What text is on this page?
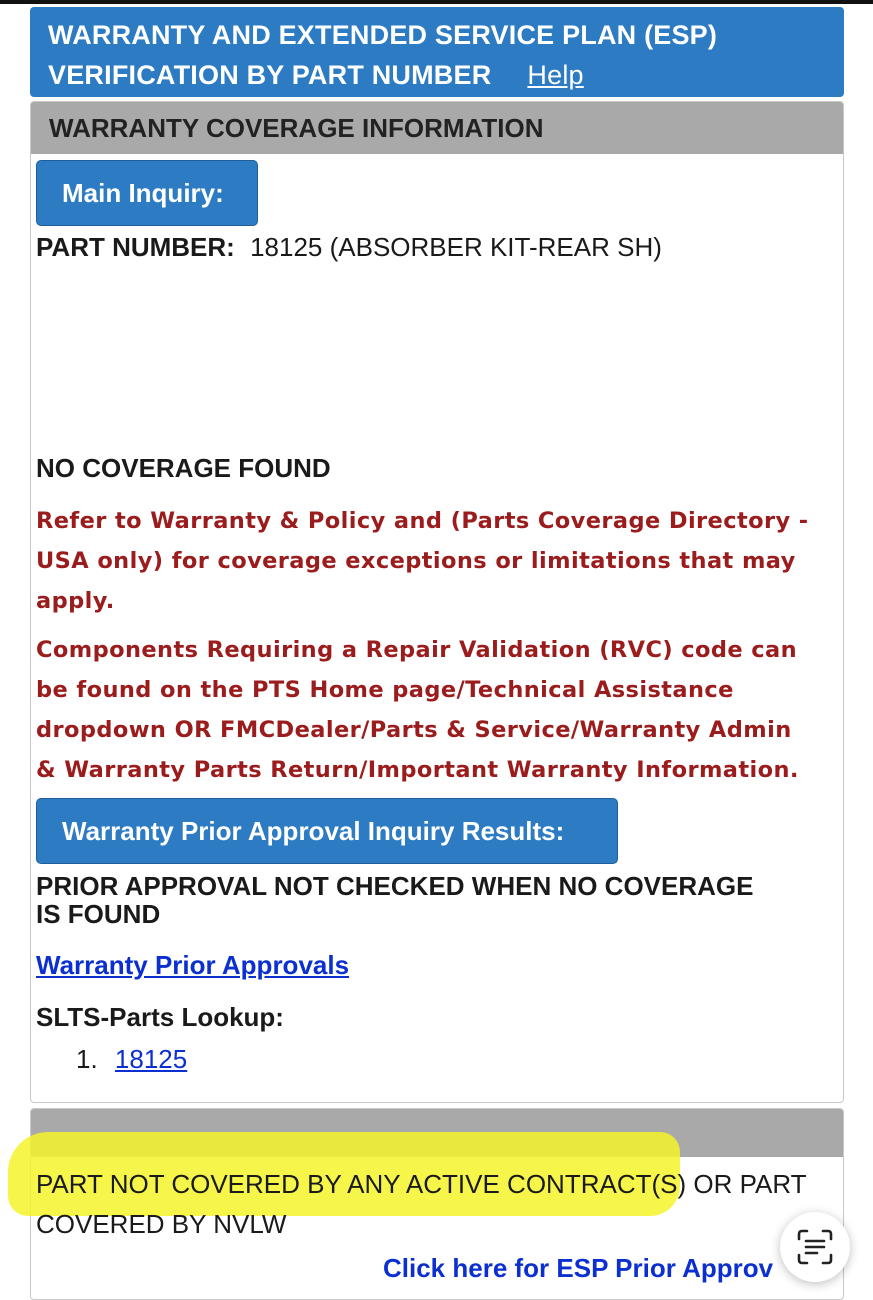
WARRANTY AND EXTENDED SERVICE PLAN (ESP)
VERIFICATION BY PART NUMBER Help
WARRANTY COVERAGE INFORMATION
Main Inquiry:
PART NUMBER: 18125 (ABSORBER KIT-REAR SH)
NO COVERAGE FOUND
Refer to Warranty & Policy and (Parts Coverage Directory -
USA only) for coverage exceptions or limitations that may
apply.
Components Requiring a Repair Validation (RVC) code can
be found on the PTS Home page/Technical Assistance
dropdown OR FMCDealer/Parts & Service/Warranty Admin
& Warranty Parts Return/Important Warranty Information.
Warranty Prior Approval Inquiry Results:
PRIOR APPROVAL NOT CHECKED WHEN NO COVERAGE
IS FOUND
Warranty Prior Approvals
SLTS-Parts Lookup:
1. 18125
PART NOT COVERED BY ANY ACTIVE CONTRACT(S) OR PART
COVERED BY NVLW
Click here for ESP Prior Approv
